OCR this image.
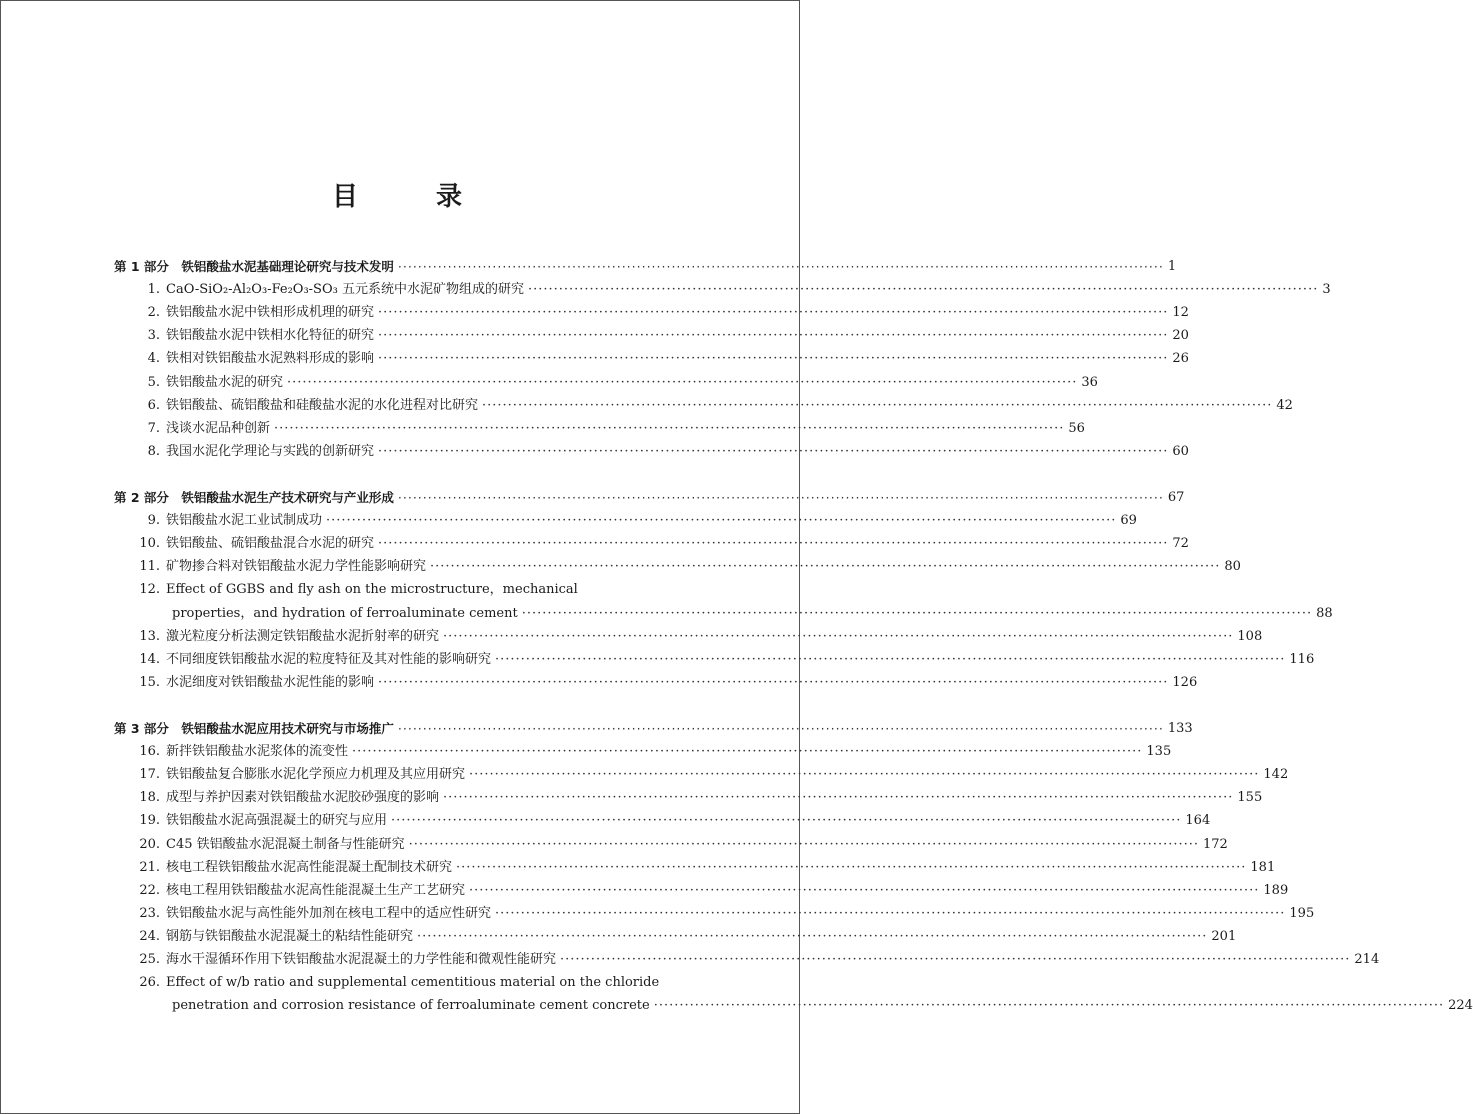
目　录
第 1 部分　铁铝酸盐水泥基础理论研究与技术发明 ·····	1
1. CaO-SiO₂-Al₂O₃-Fe₂O₃-SO₃ 五元系统中水泥矿物组成的研究 ·····	3
2. 铁铝酸盐水泥中铁相形成机理的研究 ·····	12
3. 铁铝酸盐水泥中铁相水化特征的研究 ·····	20
4. 铁相对铁铝酸盐水泥熟料形成的影响 ·····	26
5. 铁铝酸盐水泥的研究 ·····	36
6. 铁铝酸盐、硫铝酸盐和硅酸盐水泥的水化进程对比研究 ·····	42
7. 浅谈水泥品种创新 ·····	56
8. 我国水泥化学理论与实践的创新研究 ·····	60
第 2 部分　铁铝酸盐水泥生产技术研究与产业形成 ·····	67
9. 铁铝酸盐水泥工业试制成功 ·····	69
10. 铁铝酸盐、硫铝酸盐混合水泥的研究 ·····	72
11. 矿物掺合料对铁铝酸盐水泥力学性能影响研究 ·····	80
12. Effect of GGBS and fly ash on the microstructure，mechanical
properties，and hydration of ferroaluminate cement ·····	88
13. 激光粒度分析法测定铁铝酸盐水泥折射率的研究 ·····	108
14. 不同细度铁铝酸盐水泥的粒度特征及其对性能的影响研究 ·····	116
15. 水泥细度对铁铝酸盐水泥性能的影响 ·····	126
第 3 部分　铁铝酸盐水泥应用技术研究与市场推广 ·····	133
16. 新拌铁铝酸盐水泥浆体的流变性 ·····	135
17. 铁铝酸盐复合膨胀水泥化学预应力机理及其应用研究 ·····	142
18. 成型与养护因素对铁铝酸盐水泥胶砂强度的影响 ·····	155
19. 铁铝酸盐水泥高强混凝土的研究与应用 ·····	164
20. C45 铁铝酸盐水泥混凝土制备与性能研究 ·····	172
21. 核电工程铁铝酸盐水泥高性能混凝土配制技术研究 ·····	181
22. 核电工程用铁铝酸盐水泥高性能混凝土生产工艺研究 ·····	189
23. 铁铝酸盐水泥与高性能外加剂在核电工程中的适应性研究 ·····	195
24. 钢筋与铁铝酸盐水泥混凝土的粘结性能研究 ·····	201
25. 海水干湿循环作用下铁铝酸盐水泥混凝土的力学性能和微观性能研究 ·····	214
26. Effect of w/b ratio and supplemental cementitious material on the chloride
penetration and corrosion resistance of ferroaluminate cement concrete ·····	224
